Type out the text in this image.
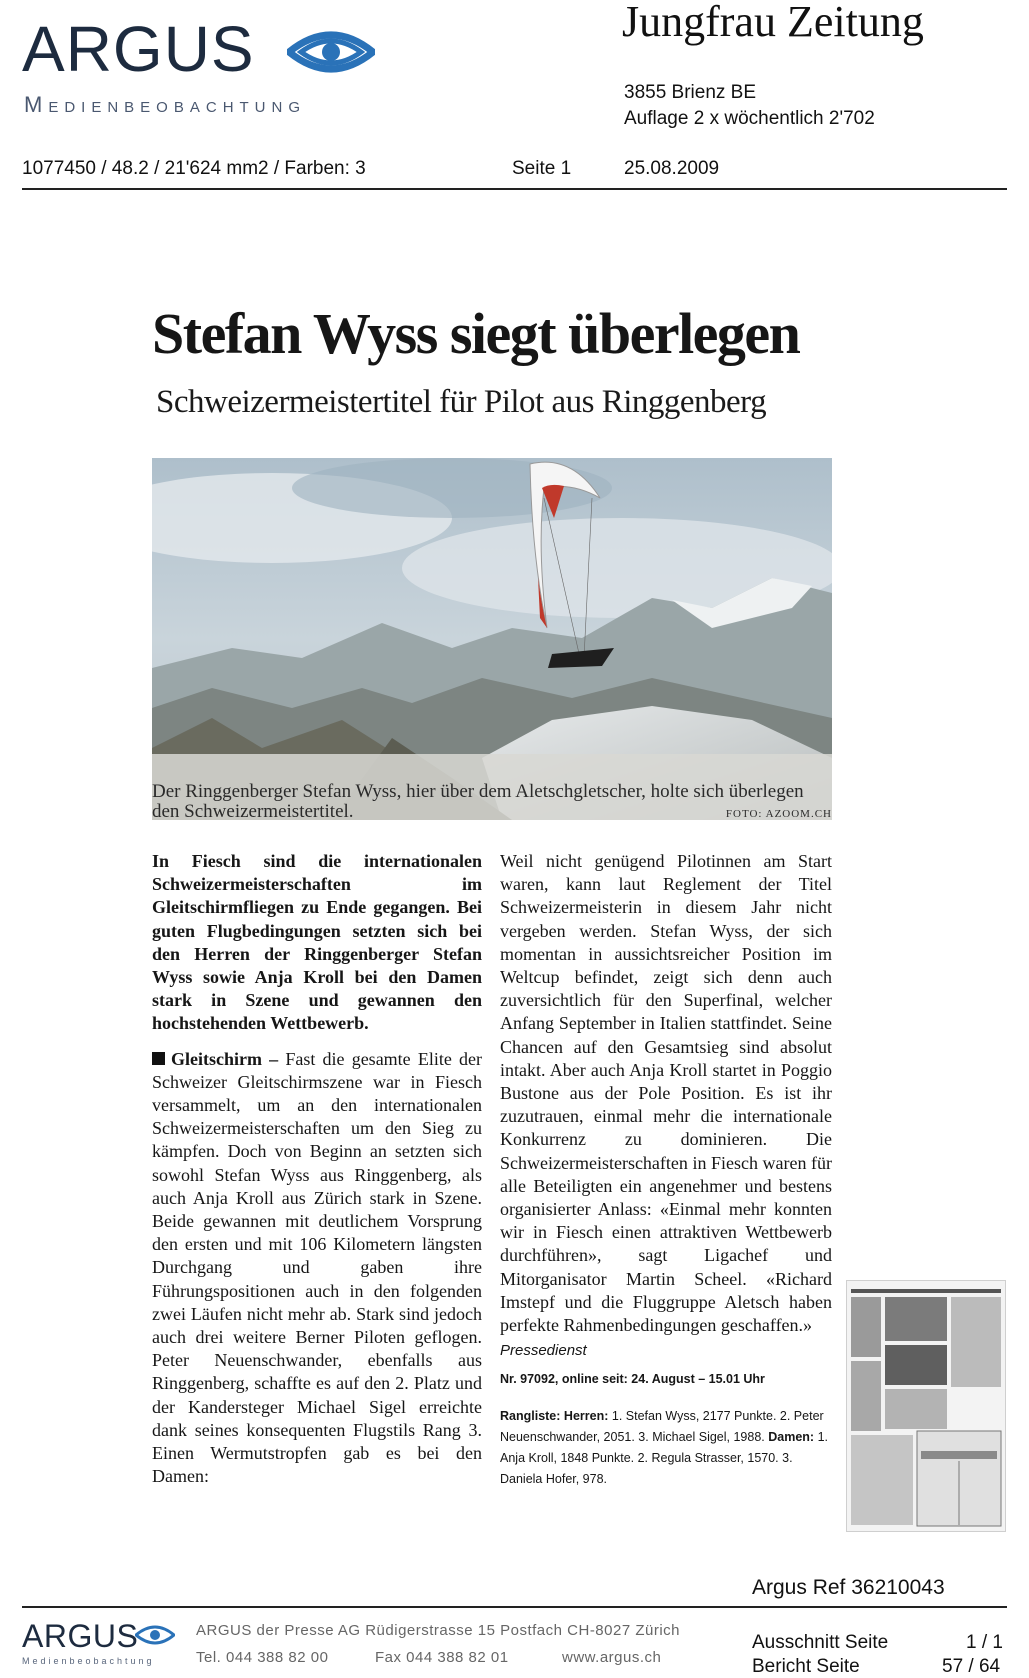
ARGUS
Medienbeobachtung
Jungfrau Zeitung
3855 Brienz BE
Auflage 2 x wöchentlich 2'702
1077450 / 48.2 / 21'624 mm2 / Farben: 3	Seite 1	25.08.2009
Stefan Wyss siegt überlegen
Schweizermeistertitel für Pilot aus Ringgenberg
Der Ringgenberger Stefan Wyss, hier über dem Aletschgletscher, holte sich überlegen den Schweizermeistertitel.	FOTO: AZOOM.CH

In Fiesch sind die internationalen Schweizermeisterschaften im Gleitschirmfliegen zu Ende gegangen. Bei guten Flugbedingungen setzten sich bei den Herren der Ringgenberger Stefan Wyss sowie Anja Kroll bei den Damen stark in Szene und gewannen den hochstehenden Wettbewerb.

Gleitschirm – Fast die gesamte Elite der Schweizer Gleitschirmszene war in Fiesch versammelt, um an den internationalen Schweizermeisterschaften um den Sieg zu kämpfen. Doch von Beginn an setzten sich sowohl Stefan Wyss aus Ringgenberg, als auch Anja Kroll aus Zürich stark in Szene. Beide gewannen mit deutlichem Vorsprung den ersten und mit 106 Kilometern längsten Durchgang und gaben ihre Führungspositionen auch in den folgenden zwei Läufen nicht mehr ab. Stark sind jedoch auch drei weitere Berner Piloten geflogen. Peter Neuenschwander, ebenfalls aus Ringgenberg, schaffte es auf den 2. Platz und der Kandersteger Michael Sigel erreichte dank seines konsequenten Flugstils Rang 3. Einen Wermutstropfen gab es bei den Damen:

Weil nicht genügend Pilotinnen am Start waren, kann laut Reglement der Titel Schweizermeisterin in diesem Jahr nicht vergeben werden. Stefan Wyss, der sich momentan in aussichtsreicher Position im Weltcup befindet, zeigt sich denn auch zuversichtlich für den Superfinal, welcher Anfang September in Italien stattfindet. Seine Chancen auf den Gesamtsieg sind absolut intakt. Aber auch Anja Kroll startet in Poggio Bustone aus der Pole Position. Es ist ihr zuzutrauen, einmal mehr die internationale Konkurrenz zu dominieren. Die Schweizermeisterschaften in Fiesch waren für alle Beteiligten ein angenehmer und bestens organisierter Anlass: «Einmal mehr konnten wir in Fiesch einen attraktiven Wettbewerb durchführen», sagt Ligachef und Mitorganisator Martin Scheel. «Richard Imstepf und die Fluggruppe Aletsch haben perfekte Rahmenbedingungen geschaffen.»

Pressedienst

Nr. 97092, online seit: 24. August – 15.01 Uhr

Rangliste: Herren: 1. Stefan Wyss, 2177 Punkte. 2. Peter Neuenschwander, 2051. 3. Michael Sigel, 1988. Damen: 1. Anja Kroll, 1848 Punkte. 2. Regula Strasser, 1570. 3. Daniela Hofer, 978.

Argus Ref 36210043
ARGUS
Medienbeobachtung
ARGUS der Presse AG Rüdigerstrasse 15 Postfach CH-8027 Zürich
Tel. 044 388 82 00	Fax 044 388 82 01	www.argus.ch
Ausschnitt Seite	1 / 1
Bericht Seite	57 / 64
